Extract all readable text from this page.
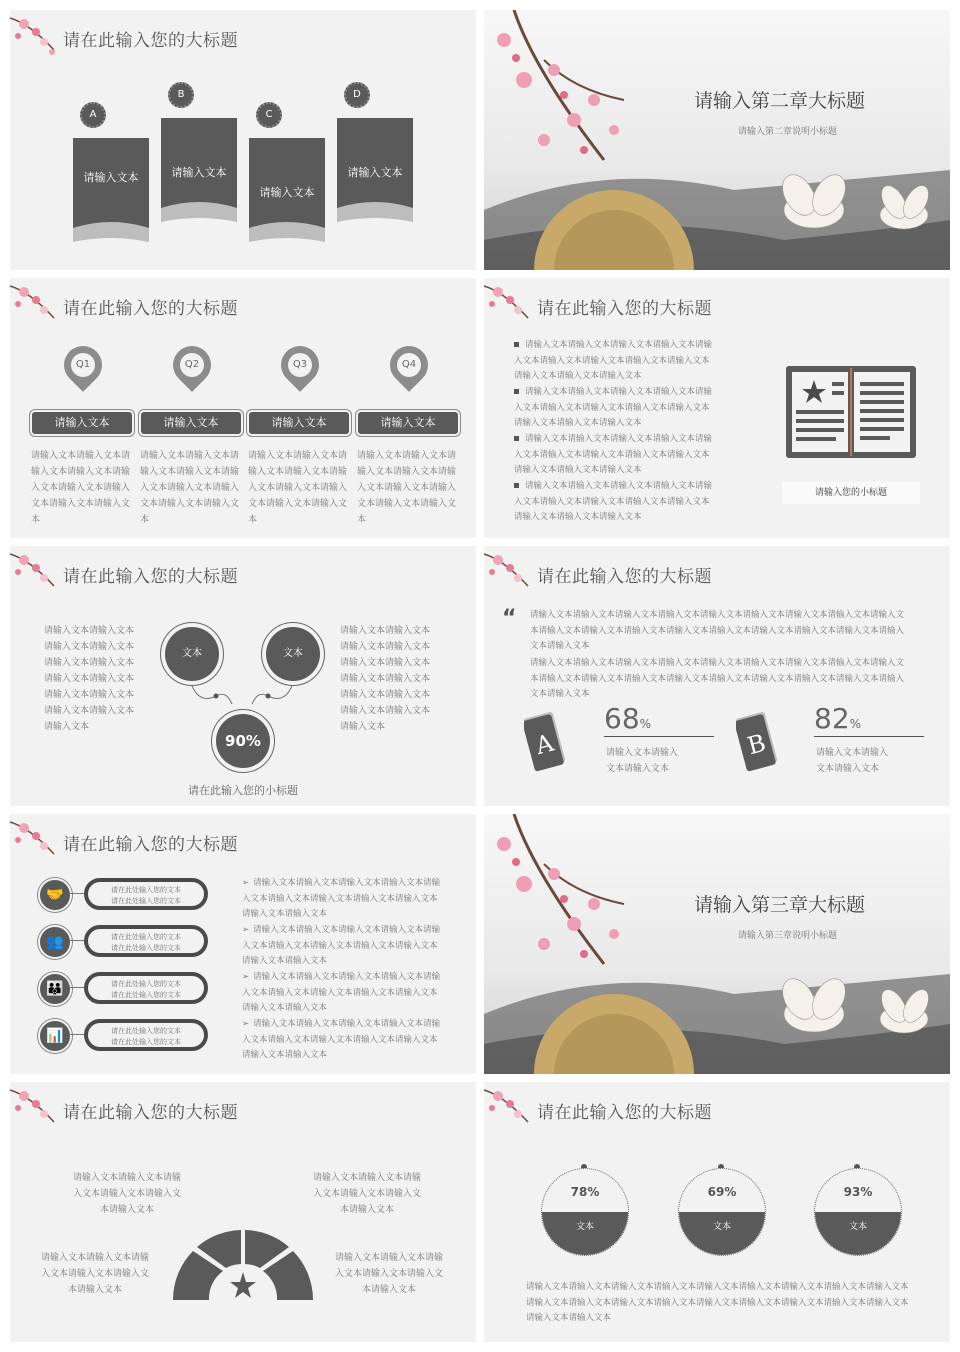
请在此输入您的大标题
A
请输入文本
B
请输入文本
C
请输入文本
D
请输入文本
请输入第二章大标题
请输入第二章说明小标题
请在此输入您的大标题
Q1
请输入文本
请输入文本请输入文本请输入文本请输入文本请输入文本请输入文本请输入文本请输入文本请输入文本
Q2
请输入文本
请输入文本请输入文本请输入文本请输入文本请输入文本请输入文本请输入文本请输入文本请输入文本
Q3
请输入文本
请输入文本请输入文本请输入文本请输入文本请输入文本请输入文本请输入文本请输入文本请输入文本
Q4
请输入文本
请输入文本请输入文本请输入文本请输入文本请输入文本请输入文本请输入文本请输入文本请输入文本
请在此输入您的大标题
请输入文本请输入文本请输入文本请输入文本请输入文本请输入文本请输入文本请输入文本请输入文本请输入文本请输入文本请输入文本
请输入文本请输入文本请输入文本请输入文本请输入文本请输入文本请输入文本请输入文本请输入文本请输入文本请输入文本请输入文本
请输入文本请输入文本请输入文本请输入文本请输入文本请输入文本请输入文本请输入文本请输入文本请输入文本请输入文本请输入文本
请输入文本请输入文本请输入文本请输入文本请输入文本请输入文本请输入文本请输入文本请输入文本请输入文本请输入文本请输入文本
请输入您的小标题
请在此输入您的大标题
请输入文本请输入文本请输入文本请输入文本请输入文本请输入文本请输入文本请输入文本请输入文本请输入文本请输入文本请输入文本请输入文本
请输入文本请输入文本请输入文本请输入文本请输入文本请输入文本请输入文本请输入文本请输入文本请输入文本请输入文本请输入文本请输入文本
文本	文本
90%
请在此输入您的小标题
请在此输入您的大标题
“ 请输入文本请输入文本请输入文本请输入文本请输入文本请输入文本请输入文本请输入文本请输入文本请输入文本请输入文本请输入文本请输入文本请输入文本请输入文本请输入文本请输入文本请输入文本请输入文本
请输入文本请输入文本请输入文本请输入文本请输入文本请输入文本请输入文本请输入文本请输入文本请输入文本请输入文本请输入文本请输入文本请输入文本请输入文本请输入文本请输入文本请输入文本请输入文本
A
68%
请输入文本请输入
文本请输入文本
B
82%
请输入文本请输入
文本请输入文本
请在此输入您的大标题
🤝	请在此处输入您的文本
请在此处输入您的文本
👥	请在此处输入您的文本
请在此处输入您的文本
👪	请在此处输入您的文本
请在此处输入您的文本
📊	请在此处输入您的文本
请在此处输入您的文本
➢ 请输入文本请输入文本请输入文本请输入文本请输入文本请输入文本请输入文本请输入文本请输入文本请输入文本请输入文本
➢ 请输入文本请输入文本请输入文本请输入文本请输入文本请输入文本请输入文本请输入文本请输入文本请输入文本请输入文本
➢ 请输入文本请输入文本请输入文本请输入文本请输入文本请输入文本请输入文本请输入文本请输入文本请输入文本请输入文本
➢ 请输入文本请输入文本请输入文本请输入文本请输入文本请输入文本请输入文本请输入文本请输入文本请输入文本请输入文本
请输入第三章大标题
请输入第三章说明小标题
请在此输入您的大标题
请输入文本请输入文本请输入文本请输入文本请输入文本请输入文本
请输入文本请输入文本请输入文本请输入文本请输入文本请输入文本
请输入文本请输入文本请输入文本请输入文本请输入文本请输入文本
请输入文本请输入文本请输入文本请输入文本请输入文本请输入文本
请在此输入您的大标题
78%
文本
69%
文本
93%
文本
请输入文本请输入文本请输入文本请输入文本请输入文本请输入文本请输入文本请输入文本请输入文本请输入文本请输入文本请输入文本请输入文本请输入文本请输入文本请输入文本请输入文本请输入文本请输入文本请输入文本
